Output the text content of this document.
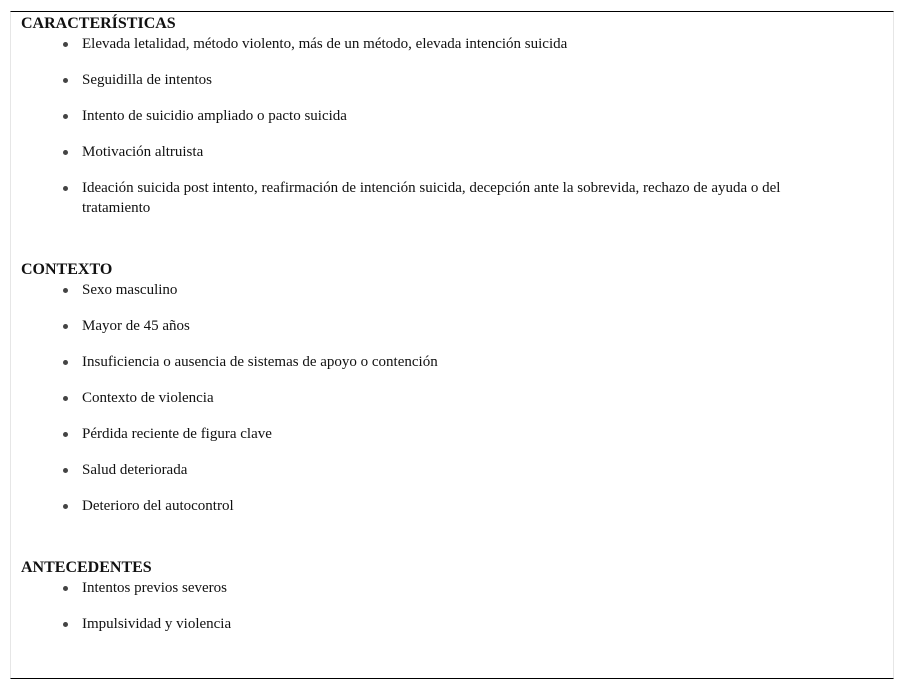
CARACTERÍSTICAS
Elevada letalidad, método violento, más de un método, elevada intención suicida
Seguidilla de intentos
Intento de suicidio ampliado o pacto suicida
Motivación altruista
Ideación suicida post intento, reafirmación de intención suicida, decepción ante la sobrevida, rechazo de ayuda o del tratamiento
CONTEXTO
Sexo masculino
Mayor de 45 años
Insuficiencia o ausencia de sistemas de apoyo o contención
Contexto de violencia
Pérdida reciente de figura clave
Salud deteriorada
Deterioro del autocontrol
ANTECEDENTES
Intentos previos severos
Impulsividad y violencia
